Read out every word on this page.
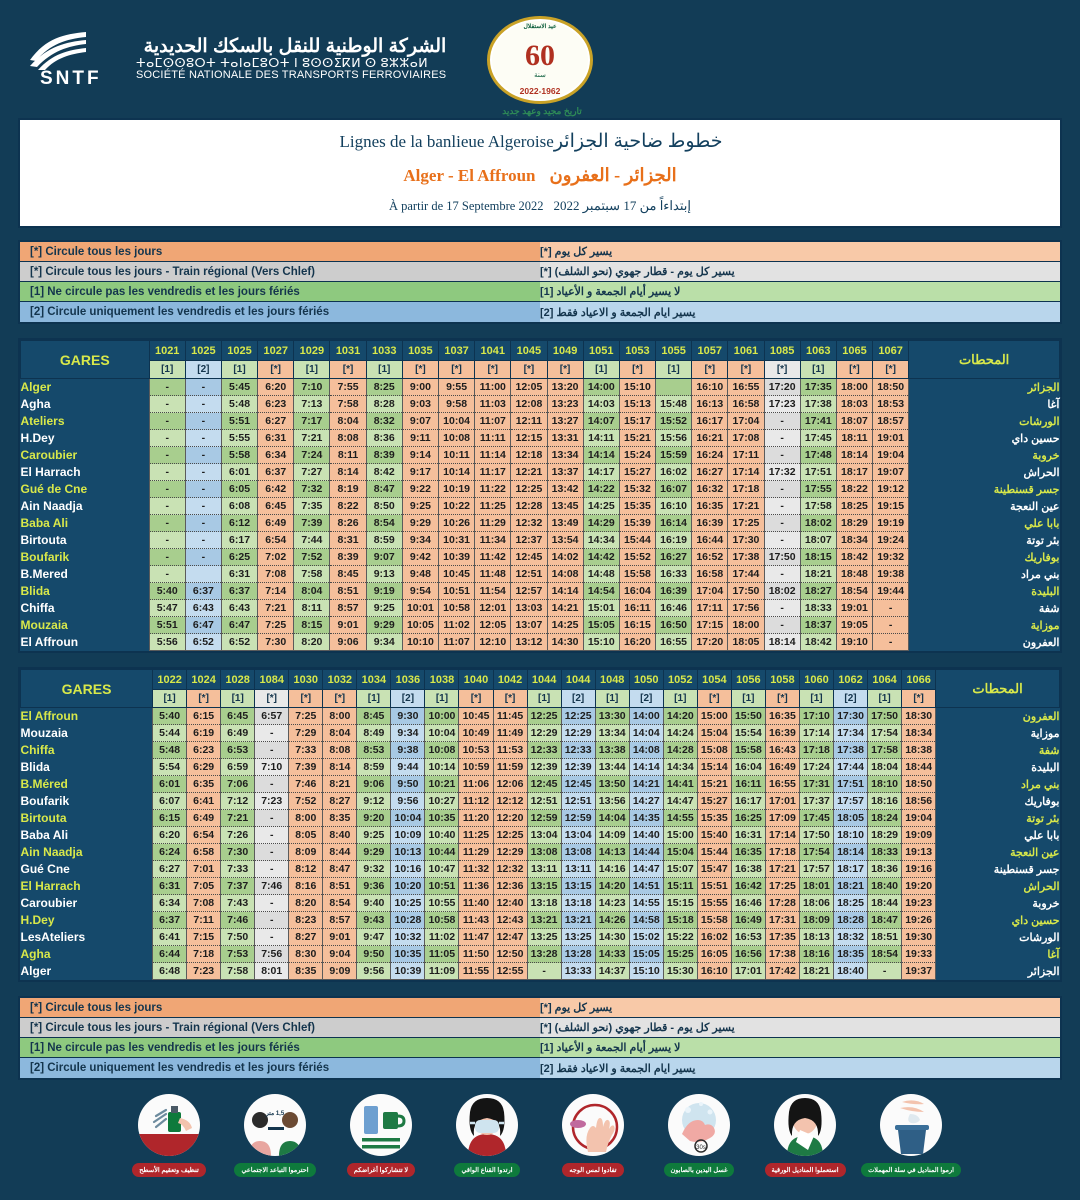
SNTF
الشركة الوطنية للنقل بالسكك الحديدية
ⵜⴰⵎⵙⵙⵓⵔⵜ ⵜⴰⵏⴰⵎⵓⵔⵜ ⵏ ⵓⵙⵙⵉⴽⵍ ⵙ ⵓⵣⵣⴰⵍ
SOCIÉTÉ NATIONALE DES TRANSPORTS FERROVIAIRES
عيد الاستقلال
60
سنة
2022-1962
تاريخ مجيد وعهد جديد
Lignes de la banlieue Algeroiseخطوط ضاحية الجزائر
Alger - El Affroun الجزائر - العفرون
À partir de 17 Septembre 2022 إبتداءاً من 17 سبتمبر 2022
[*] Circule tous les jours	يسير كل يوم [*]
[*] Circule tous les jours - Train régional (Vers Chlef)	يسير كل يوم - قطار جهوي (نحو الشلف) [*]
[1] Ne circule pas les vendredis et les jours fériés	لا يسير أيام الجمعة و الأعياد [1]
[2] Circule uniquement les vendredis et les jours fériés	يسير ايام الجمعة و الاعياد فقط [2]
GARES	1021	1025	1025	1027	1029	1031	1033	1035	1037	1041	1045	1049	1051	1053	1055	1057	1061	1085	1063	1065	1067	المحطات
	[1]	[2]	[1]	[*]	[1]	[*]	[1]	[*]	[*]	[*]	[*]	[*]	[1]	[*]	[1]	[*]	[*]	[*]	[1]	[*]	[*]	
Alger	-	-	5:45	6:20	7:10	7:55	8:25	9:00	9:55	11:00	12:05	13:20	14:00	15:10		16:10	16:55	17:20	17:35	18:00	18:50	الجزائر
Agha	-	-	5:48	6:23	7:13	7:58	8:28	9:03	9:58	11:03	12:08	13:23	14:03	15:13	15:48	16:13	16:58	17:23	17:38	18:03	18:53	آغا
Ateliers	-	-	5:51	6:27	7:17	8:04	8:32	9:07	10:04	11:07	12:11	13:27	14:07	15:17	15:52	16:17	17:04	-	17:41	18:07	18:57	الورشات
H.Dey	-	-	5:55	6:31	7:21	8:08	8:36	9:11	10:08	11:11	12:15	13:31	14:11	15:21	15:56	16:21	17:08	-	17:45	18:11	19:01	حسين داي
Caroubier	-	-	5:58	6:34	7:24	8:11	8:39	9:14	10:11	11:14	12:18	13:34	14:14	15:24	15:59	16:24	17:11	-	17:48	18:14	19:04	خروبة
El Harrach	-	-	6:01	6:37	7:27	8:14	8:42	9:17	10:14	11:17	12:21	13:37	14:17	15:27	16:02	16:27	17:14	17:32	17:51	18:17	19:07	الحراش
Gué de Cne	-	-	6:05	6:42	7:32	8:19	8:47	9:22	10:19	11:22	12:25	13:42	14:22	15:32	16:07	16:32	17:18	-	17:55	18:22	19:12	جسر قسنطينة
Ain Naadja	-	-	6:08	6:45	7:35	8:22	8:50	9:25	10:22	11:25	12:28	13:45	14:25	15:35	16:10	16:35	17:21	-	17:58	18:25	19:15	عين النعجة
Baba Ali	-	-	6:12	6:49	7:39	8:26	8:54	9:29	10:26	11:29	12:32	13:49	14:29	15:39	16:14	16:39	17:25	-	18:02	18:29	19:19	بابا علي
Birtouta	-	-	6:17	6:54	7:44	8:31	8:59	9:34	10:31	11:34	12:37	13:54	14:34	15:44	16:19	16:44	17:30	-	18:07	18:34	19:24	بئر توتة
Boufarik	-	-	6:25	7:02	7:52	8:39	9:07	9:42	10:39	11:42	12:45	14:02	14:42	15:52	16:27	16:52	17:38	17:50	18:15	18:42	19:32	بوفاريك
B.Mered	-		6:31	7:08	7:58	8:45	9:13	9:48	10:45	11:48	12:51	14:08	14:48	15:58	16:33	16:58	17:44	-	18:21	18:48	19:38	بني مراد
Blida	5:40	6:37	6:37	7:14	8:04	8:51	9:19	9:54	10:51	11:54	12:57	14:14	14:54	16:04	16:39	17:04	17:50	18:02	18:27	18:54	19:44	البليدة
Chiffa	5:47	6:43	6:43	7:21	8:11	8:57	9:25	10:01	10:58	12:01	13:03	14:21	15:01	16:11	16:46	17:11	17:56	-	18:33	19:01	-	شفة
Mouzaia	5:51	6:47	6:47	7:25	8:15	9:01	9:29	10:05	11:02	12:05	13:07	14:25	15:05	16:15	16:50	17:15	18:00	-	18:37	19:05	-	موزاية
El Affroun	5:56	6:52	6:52	7:30	8:20	9:06	9:34	10:10	11:07	12:10	13:12	14:30	15:10	16:20	16:55	17:20	18:05	18:14	18:42	19:10	-	العفرون
GARES	1022	1024	1028	1084	1030	1032	1034	1036	1038	1040	1042	1044	1044	1048	1050	1052	1054	1056	1058	1060	1062	1064	1066	المحطات
	[1]	[*]	[1]	[*]	[*]	[*]	[1]	[2]	[1]	[*]	[*]	[1]	[2]	[1]	[2]	[1]	[*]	[1]	[*]	[1]	[2]	[1]	[*]	
El Affroun	5:40	6:15	6:45	6:57	7:25	8:00	8:45	9:30	10:00	10:45	11:45	12:25	12:25	13:30	14:00	14:20	15:00	15:50	16:35	17:10	17:30	17:50	18:30	العفرون
Mouzaia	5:44	6:19	6:49	-	7:29	8:04	8:49	9:34	10:04	10:49	11:49	12:29	12:29	13:34	14:04	14:24	15:04	15:54	16:39	17:14	17:34	17:54	18:34	موزاية
Chiffa	5:48	6:23	6:53	-	7:33	8:08	8:53	9:38	10:08	10:53	11:53	12:33	12:33	13:38	14:08	14:28	15:08	15:58	16:43	17:18	17:38	17:58	18:38	شفة
Blida	5:54	6:29	6:59	7:10	7:39	8:14	8:59	9:44	10:14	10:59	11:59	12:39	12:39	13:44	14:14	14:34	15:14	16:04	16:49	17:24	17:44	18:04	18:44	البليدة
B.Méred	6:01	6:35	7:06	-	7:46	8:21	9:06	9:50	10:21	11:06	12:06	12:45	12:45	13:50	14:21	14:41	15:21	16:11	16:55	17:31	17:51	18:10	18:50	بني مراد
Boufarik	6:07	6:41	7:12	7:23	7:52	8:27	9:12	9:56	10:27	11:12	12:12	12:51	12:51	13:56	14:27	14:47	15:27	16:17	17:01	17:37	17:57	18:16	18:56	بوفاريك
Birtouta	6:15	6:49	7:21	-	8:00	8:35	9:20	10:04	10:35	11:20	12:20	12:59	12:59	14:04	14:35	14:55	15:35	16:25	17:09	17:45	18:05	18:24	19:04	بئر توتة
Baba Ali	6:20	6:54	7:26	-	8:05	8:40	9:25	10:09	10:40	11:25	12:25	13:04	13:04	14:09	14:40	15:00	15:40	16:31	17:14	17:50	18:10	18:29	19:09	بابا علي
Ain Naadja	6:24	6:58	7:30	-	8:09	8:44	9:29	10:13	10:44	11:29	12:29	13:08	13:08	14:13	14:44	15:04	15:44	16:35	17:18	17:54	18:14	18:33	19:13	عين النعجة
Gué Cne	6:27	7:01	7:33	-	8:12	8:47	9:32	10:16	10:47	11:32	12:32	13:11	13:11	14:16	14:47	15:07	15:47	16:38	17:21	17:57	18:17	18:36	19:16	جسر قسنطينة
El Harrach	6:31	7:05	7:37	7:46	8:16	8:51	9:36	10:20	10:51	11:36	12:36	13:15	13:15	14:20	14:51	15:11	15:51	16:42	17:25	18:01	18:21	18:40	19:20	الحراش
Caroubier	6:34	7:08	7:43	-	8:20	8:54	9:40	10:25	10:55	11:40	12:40	13:18	13:18	14:23	14:55	15:15	15:55	16:46	17:28	18:06	18:25	18:44	19:23	خروبة
H.Dey	6:37	7:11	7:46	-	8:23	8:57	9:43	10:28	10:58	11:43	12:43	13:21	13:21	14:26	14:58	15:18	15:58	16:49	17:31	18:09	18:28	18:47	19:26	حسين داي
LesAteliers	6:41	7:15	7:50	-	8:27	9:01	9:47	10:32	11:02	11:47	12:47	13:25	13:25	14:30	15:02	15:22	16:02	16:53	17:35	18:13	18:32	18:51	19:30	الورشات
Agha	6:44	7:18	7:53	7:56	8:30	9:04	9:50	10:35	11:05	11:50	12:50	13:28	13:28	14:33	15:05	15:25	16:05	16:56	17:38	18:16	18:35	18:54	19:33	آغا
Alger	6:48	7:23	7:58	8:01	8:35	9:09	9:56	10:39	11:09	11:55	12:55	-	13:33	14:37	15:10	15:30	16:10	17:01	17:42	18:21	18:40	-	19:37	الجزائر
[*] Circule tous les jours	يسير كل يوم [*]
[*] Circule tous les jours - Train régional (Vers Chlef)	يسير كل يوم - قطار جهوي (نحو الشلف) [*]
[1] Ne circule pas les vendredis et les jours fériés	لا يسير أيام الجمعة و الأعياد [1]
[2] Circule uniquement les vendredis et les jours fériés	يسير ايام الجمعة و الاعياد فقط [2]
تنظيف وتعقيم الأسطح
1,5 متر
احترموا التباعد الاجتماعي	لا تتشاركوا أغراضكم	ارتدوا القناع الواقي	تفادوا لمس الوجه
30s
غسل اليدين بالصابون	استعملوا المناديل الورقية	ارموا المناديل في سلة المهملات
